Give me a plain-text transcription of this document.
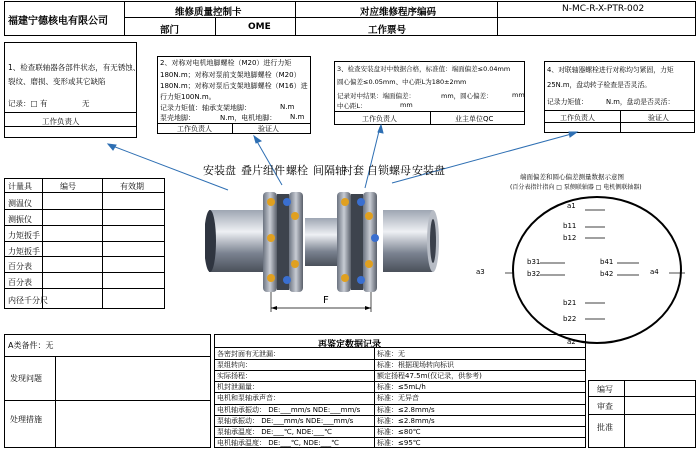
福建宁德核电有限公司
维修质量控制卡
部门	OME
对应维修程序编码	N-MC-R-X-PTR-002
工作票号
1、检查联轴器各部件状态，有无锈蚀、
裂纹、磨损、变形或其它缺陷
记录：□ 有	无
工作负责人
2、对称对电机地脚螺栓（M20）进行力矩
180N.m；对称对泵前支架地脚螺栓（M20）
180N.m；对称对泵后支架地脚螺栓（M16）进
行力矩100N.m。
记录力矩值：轴承支架地脚：	N.m
泵壳地脚：	N.m，电机地脚： N.m
工作负责人	验证人
3、检查安装盘对中数据合格，标准值：端面偏差≤0.04mm
圆心偏差≤0.05mm、中心距L为180±2mm
记录对中结果：端面偏差：	mm，圆心偏差：	mm
中心距L：	mm
工作负责人	业主单位QC
4、对联轴器螺栓进行对称均匀紧固，力矩
25N.m，盘动转子检查是否灵活。
记录力矩值：	N.m，盘动是否灵活：
工作负责人	验证人
安装盘 叠片组件 螺栓 间隔轴
衬套 自锁螺母 安装盘
F
端面偏差和圆心偏差测量数据示意图
(百分表指针指向 □ 泵侧联轴器 □ 电机侧联轴器)
a1
b11
b12
b31
b32
b41
b42
b21
b22
a3	a4
a2
计量具	编号	有效期
测温仪
测振仪
力矩扳手
力矩扳手
百分表
百分表
内径千分尺
A类备件：无
发现问题
处理措施
再鉴定数据记录
各密封面有无泄漏：	标准：无
泵组转向：	标准：根据现场转向标识
实际扬程：	额定扬程47.5m(仅记录，供参考)
机封泄漏量：	标准：≤5mL/h
电机和泵轴承声音：	标准：无异音
电机轴承振动： DE:___mm/s NDE:___mm/s 标准：≤2.8mm/s
泵轴承振动： DE:___mm/s NDE:___mm/s	标准：≤2.8mm/s
泵轴承温度： DE:___℃, NDE:___℃	标准：≤80℃
电机轴承温度： DE:___℃, NDE:___℃	标准：≤95℃
编写
审查
批准
